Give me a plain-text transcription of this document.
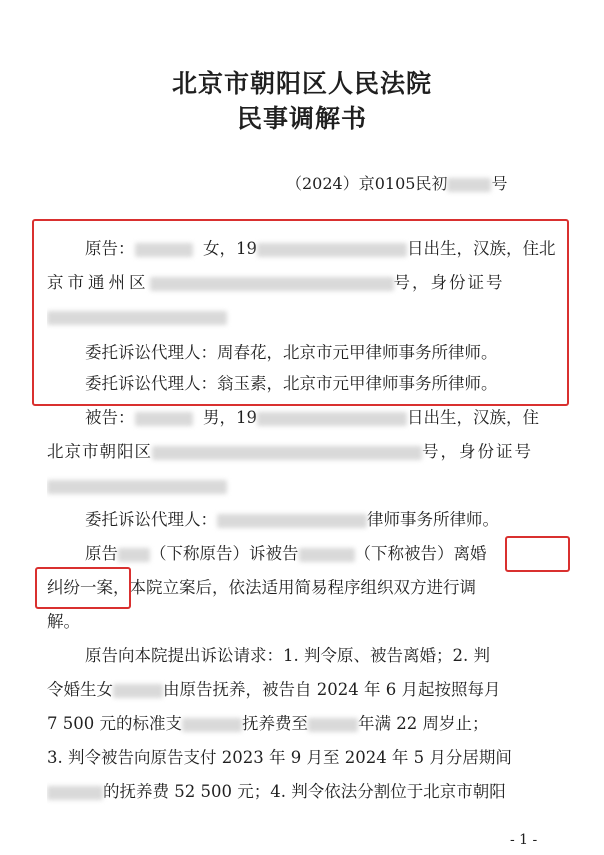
北京市朝阳区人民法院
民事调解书
（2024）京0105民初	号
原告：	女，19	日出生，汉族，住北
京市通州区	号，身份证号
委托诉讼代理人：周春花，北京市元甲律师事务所律师。
委托诉讼代理人：翁玉素，北京市元甲律师事务所律师。
被告：	男，19	日出生，汉族，住
北京市朝阳区	号，身份证号
委托诉讼代理人：	律师事务所律师。
原告 （下称原告）诉被告	（下称被告）离婚
纠纷一案，本院立案后，依法适用简易程序组织双方进行调
解。
原告向本院提出诉讼请求：1. 判令原、被告离婚；2. 判
令婚生女	由原告抚养，被告自 2024 年 6 月起按照每月
7 500 元的标准支	抚养费至	年满 22 周岁止；
3. 判令被告向原告支付 2023 年 9 月至 2024 年 5 月分居期间
的抚养费 52 500 元；4. 判令依法分割位于北京市朝阳
- 1 -
